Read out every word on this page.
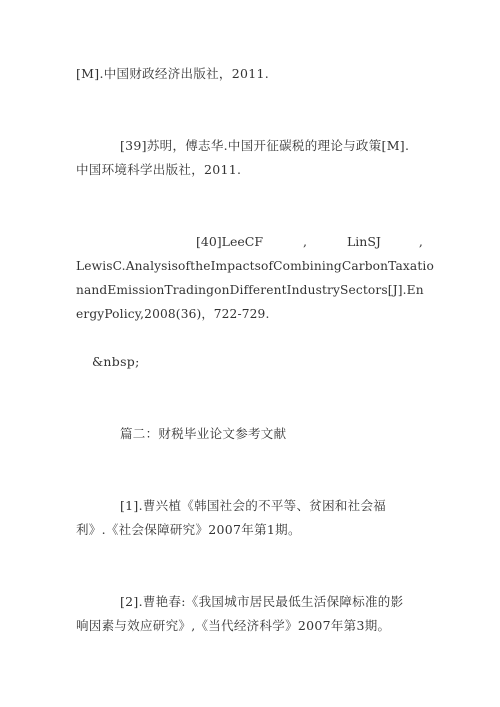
[M].中国财政经济出版社，2011.
[39]苏明，傅志华.中国开征碳税的理论与政策[M].
中国环境科学出版社，2011.
[40]LeeCF	,	LinSJ	,
LewisC.AnalysisoftheImpactsofCombiningCarbonTaxatio
nandEmissionTradingonDifferentIndustrySectors[J].En
ergyPolicy,2008(36)，722-729.
&nbsp;
篇二：财税毕业论文参考文献
[1].曹兴植《韩国社会的不平等、贫困和社会福
利》.《社会保障研究》2007年第1期。
[2].曹艳春:《我国城市居民最低生活保障标准的影
响因素与效应研究》,《当代经济科学》2007年第3期。
